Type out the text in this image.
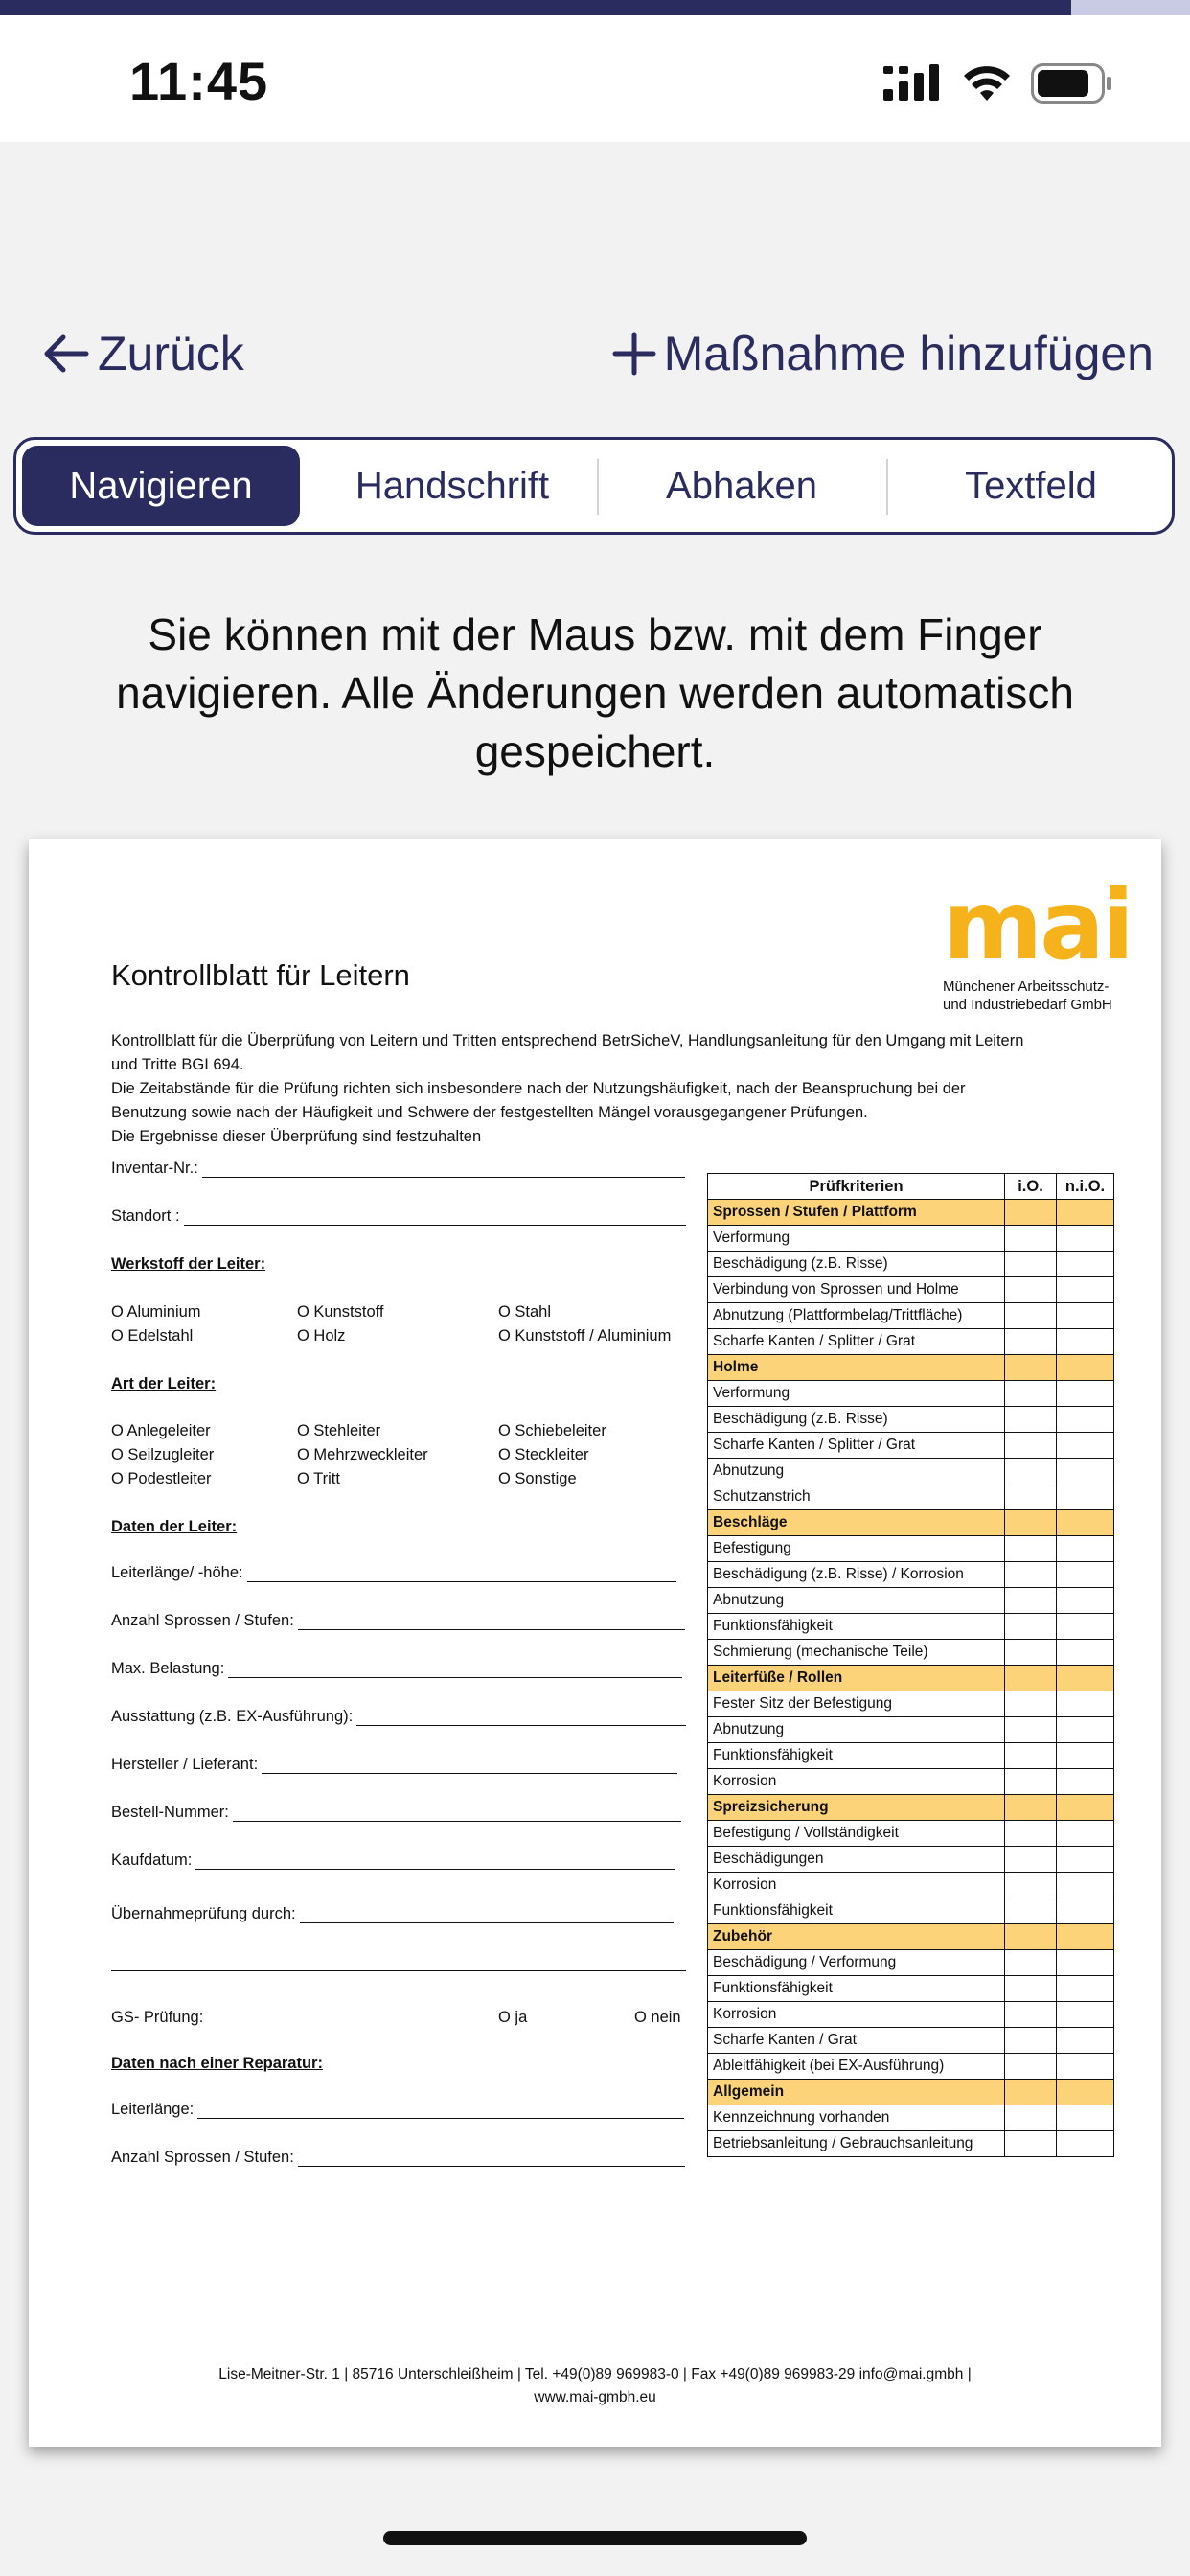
11:45
Zurück	Maßnahme hinzufügen
Navigieren	Handschrift	Abhaken	Textfeld
Sie können mit der Maus bzw. mit dem Finger navigieren. Alle Änderungen werden automatisch gespeichert.
mai
Münchener Arbeitsschutz-
und Industriebedarf GmbH
Kontrollblatt für Leitern
Kontrollblatt für die Überprüfung von Leitern und Tritten entsprechend BetrSicheV, Handlungsanleitung für den Umgang mit Leitern
und Tritte BGI 694.
Die Zeitabstände für die Prüfung richten sich insbesondere nach der Nutzungshäufigkeit, nach der Beanspruchung bei der
Benutzung sowie nach der Häufigkeit und Schwere der festgestellten Mängel vorausgegangener Prüfungen.
Die Ergebnisse dieser Überprüfung sind festzuhalten
Inventar-Nr.:
Standort :
Werkstoff der Leiter:
O Aluminium	O Kunststoff	O Stahl
O Edelstahl	O Holz	O Kunststoff / Aluminium
Art der Leiter:
O Anlegeleiter	O Stehleiter	O Schiebeleiter
O Seilzugleiter	O Mehrzweckleiter	O Steckleiter
O Podestleiter	O Tritt	O Sonstige
Daten der Leiter:
Leiterlänge/ -höhe:
Anzahl Sprossen / Stufen:
Max. Belastung:
Ausstattung (z.B. EX-Ausführung):
Hersteller / Lieferant:
Bestell-Nummer:
Kaufdatum:
Übernahmeprüfung durch:
GS- Prüfung:	O ja	O nein
Daten nach einer Reparatur:
Leiterlänge:
Anzahl Sprossen / Stufen:
Prüfkriterien	i.O.	n.i.O.
Sprossen / Stufen / Plattform		
Verformung		
Beschädigung (z.B. Risse)		
Verbindung von Sprossen und Holme		
Abnutzung (Plattformbelag/Trittfläche)		
Scharfe Kanten / Splitter / Grat		
Holme		
Verformung		
Beschädigung (z.B. Risse)		
Scharfe Kanten / Splitter / Grat		
Abnutzung		
Schutzanstrich		
Beschläge		
Befestigung		
Beschädigung (z.B. Risse) / Korrosion		
Abnutzung		
Funktionsfähigkeit		
Schmierung (mechanische Teile)		
Leiterfüße / Rollen		
Fester Sitz der Befestigung		
Abnutzung		
Funktionsfähigkeit		
Korrosion		
Spreizsicherung		
Befestigung / Vollständigkeit		
Beschädigungen		
Korrosion		
Funktionsfähigkeit		
Zubehör		
Beschädigung / Verformung		
Funktionsfähigkeit		
Korrosion		
Scharfe Kanten / Grat		
Ableitfähigkeit (bei EX-Ausführung)		
Allgemein		
Kennzeichnung vorhanden		
Betriebsanleitung / Gebrauchsanleitung		
Lise-Meitner-Str. 1 | 85716 Unterschleißheim | Tel. +49(0)89 969983-0 | Fax +49(0)89 969983-29 info@mai.gmbh |
www.mai-gmbh.eu
